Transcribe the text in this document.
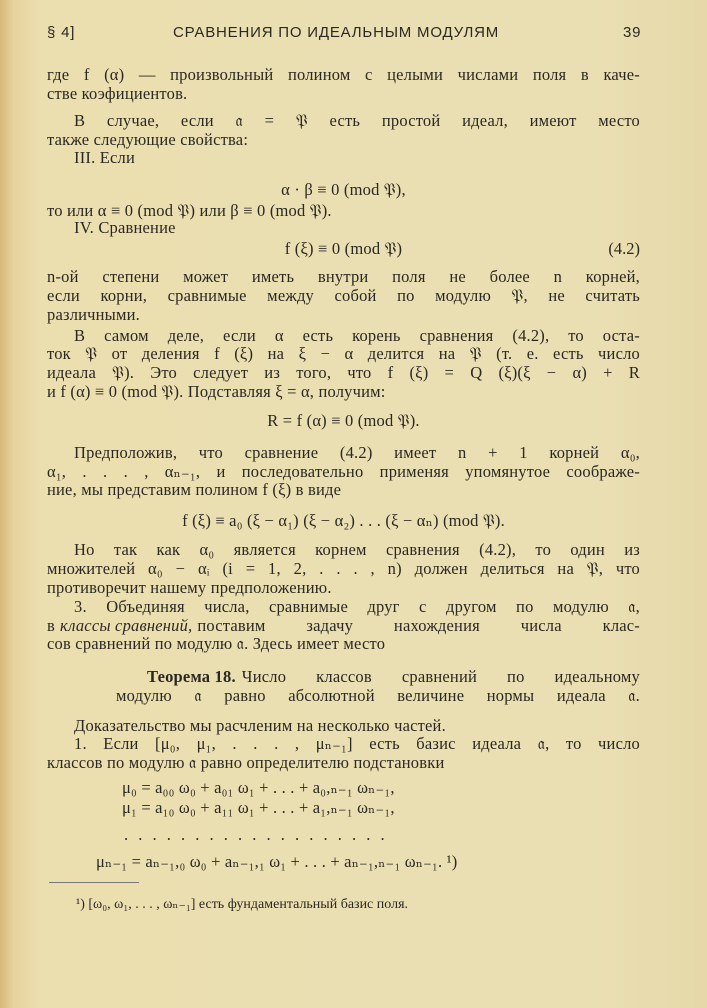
§ 4]	СРАВНЕНИЯ ПО ИДЕАЛЬНЫМ МОДУЛЯМ	39
где f (α) — произвольный полином с целыми числами поля в каче-
стве коэфициентов.
В случае, если 𝔞 = 𝔓 есть простой идеал, имеют место
также следующие свойства:
III. Если
α · β ≡ 0 (mod 𝔓),
то или α ≡ 0 (mod 𝔓) или β ≡ 0 (mod 𝔓).
IV. Сравнение
f (ξ) ≡ 0 (mod 𝔓)	(4.2)
n-ой степени может иметь внутри поля не более n корней,
если корни, сравнимые между собой по модулю 𝔓, не считать
различными.
В самом деле, если α есть корень сравнения (4.2), то оста-
ток 𝔓 от деления f (ξ) на ξ − α делится на 𝔓 (т. е. есть число
идеала 𝔓). Это следует из того, что f (ξ) = Q (ξ)(ξ − α) + R
и f (α) ≡ 0 (mod 𝔓). Подставляя ξ = α, получим:
R = f (α) ≡ 0 (mod 𝔓).
Предположив, что сравнение (4.2) имеет n + 1 корней α₀,
α₁, . . . , αₙ₋₁, и последовательно применяя упомянутое соображе-
ние, мы представим полином f (ξ) в виде
f (ξ) ≡ a₀ (ξ − α₁) (ξ − α₂) . . . (ξ − αₙ) (mod 𝔓).
Но так как α₀ является корнем сравнения (4.2), то один из
множителей α₀ − αᵢ (i = 1, 2, . . . , n) должен делиться на 𝔓, что
противоречит нашему предположению.
3. Объединяя числа, сравнимые друг с другом по модулю 𝔞,
в классы сравнений, поставим задачу нахождения числа клас-
сов сравнений по модулю 𝔞. Здесь имеет место
Теорема 18. Число классов сравнений по идеальному
модулю 𝔞 равно абсолютной величине нормы идеала 𝔞.
Доказательство мы расчленим на несколько частей.
1. Если [μ₀, μ₁, . . . , μₙ₋₁] есть базис идеала 𝔞, то число
классов по модулю 𝔞 равно определителю подстановки
μ₀ = a₀₀ ω₀ + a₀₁ ω₁ + . . . + a₀,ₙ₋₁ ωₙ₋₁,
μ₁ = a₁₀ ω₀ + a₁₁ ω₁ + . . . + a₁,ₙ₋₁ ωₙ₋₁,
. . . . . . . . . . . . . . . . . . .
μₙ₋₁ = aₙ₋₁,₀ ω₀ + aₙ₋₁,₁ ω₁ + . . . + aₙ₋₁,ₙ₋₁ ωₙ₋₁. ¹)
¹) [ω₀, ω₁, . . . , ωₙ₋₁] есть фундаментальный базис поля.
